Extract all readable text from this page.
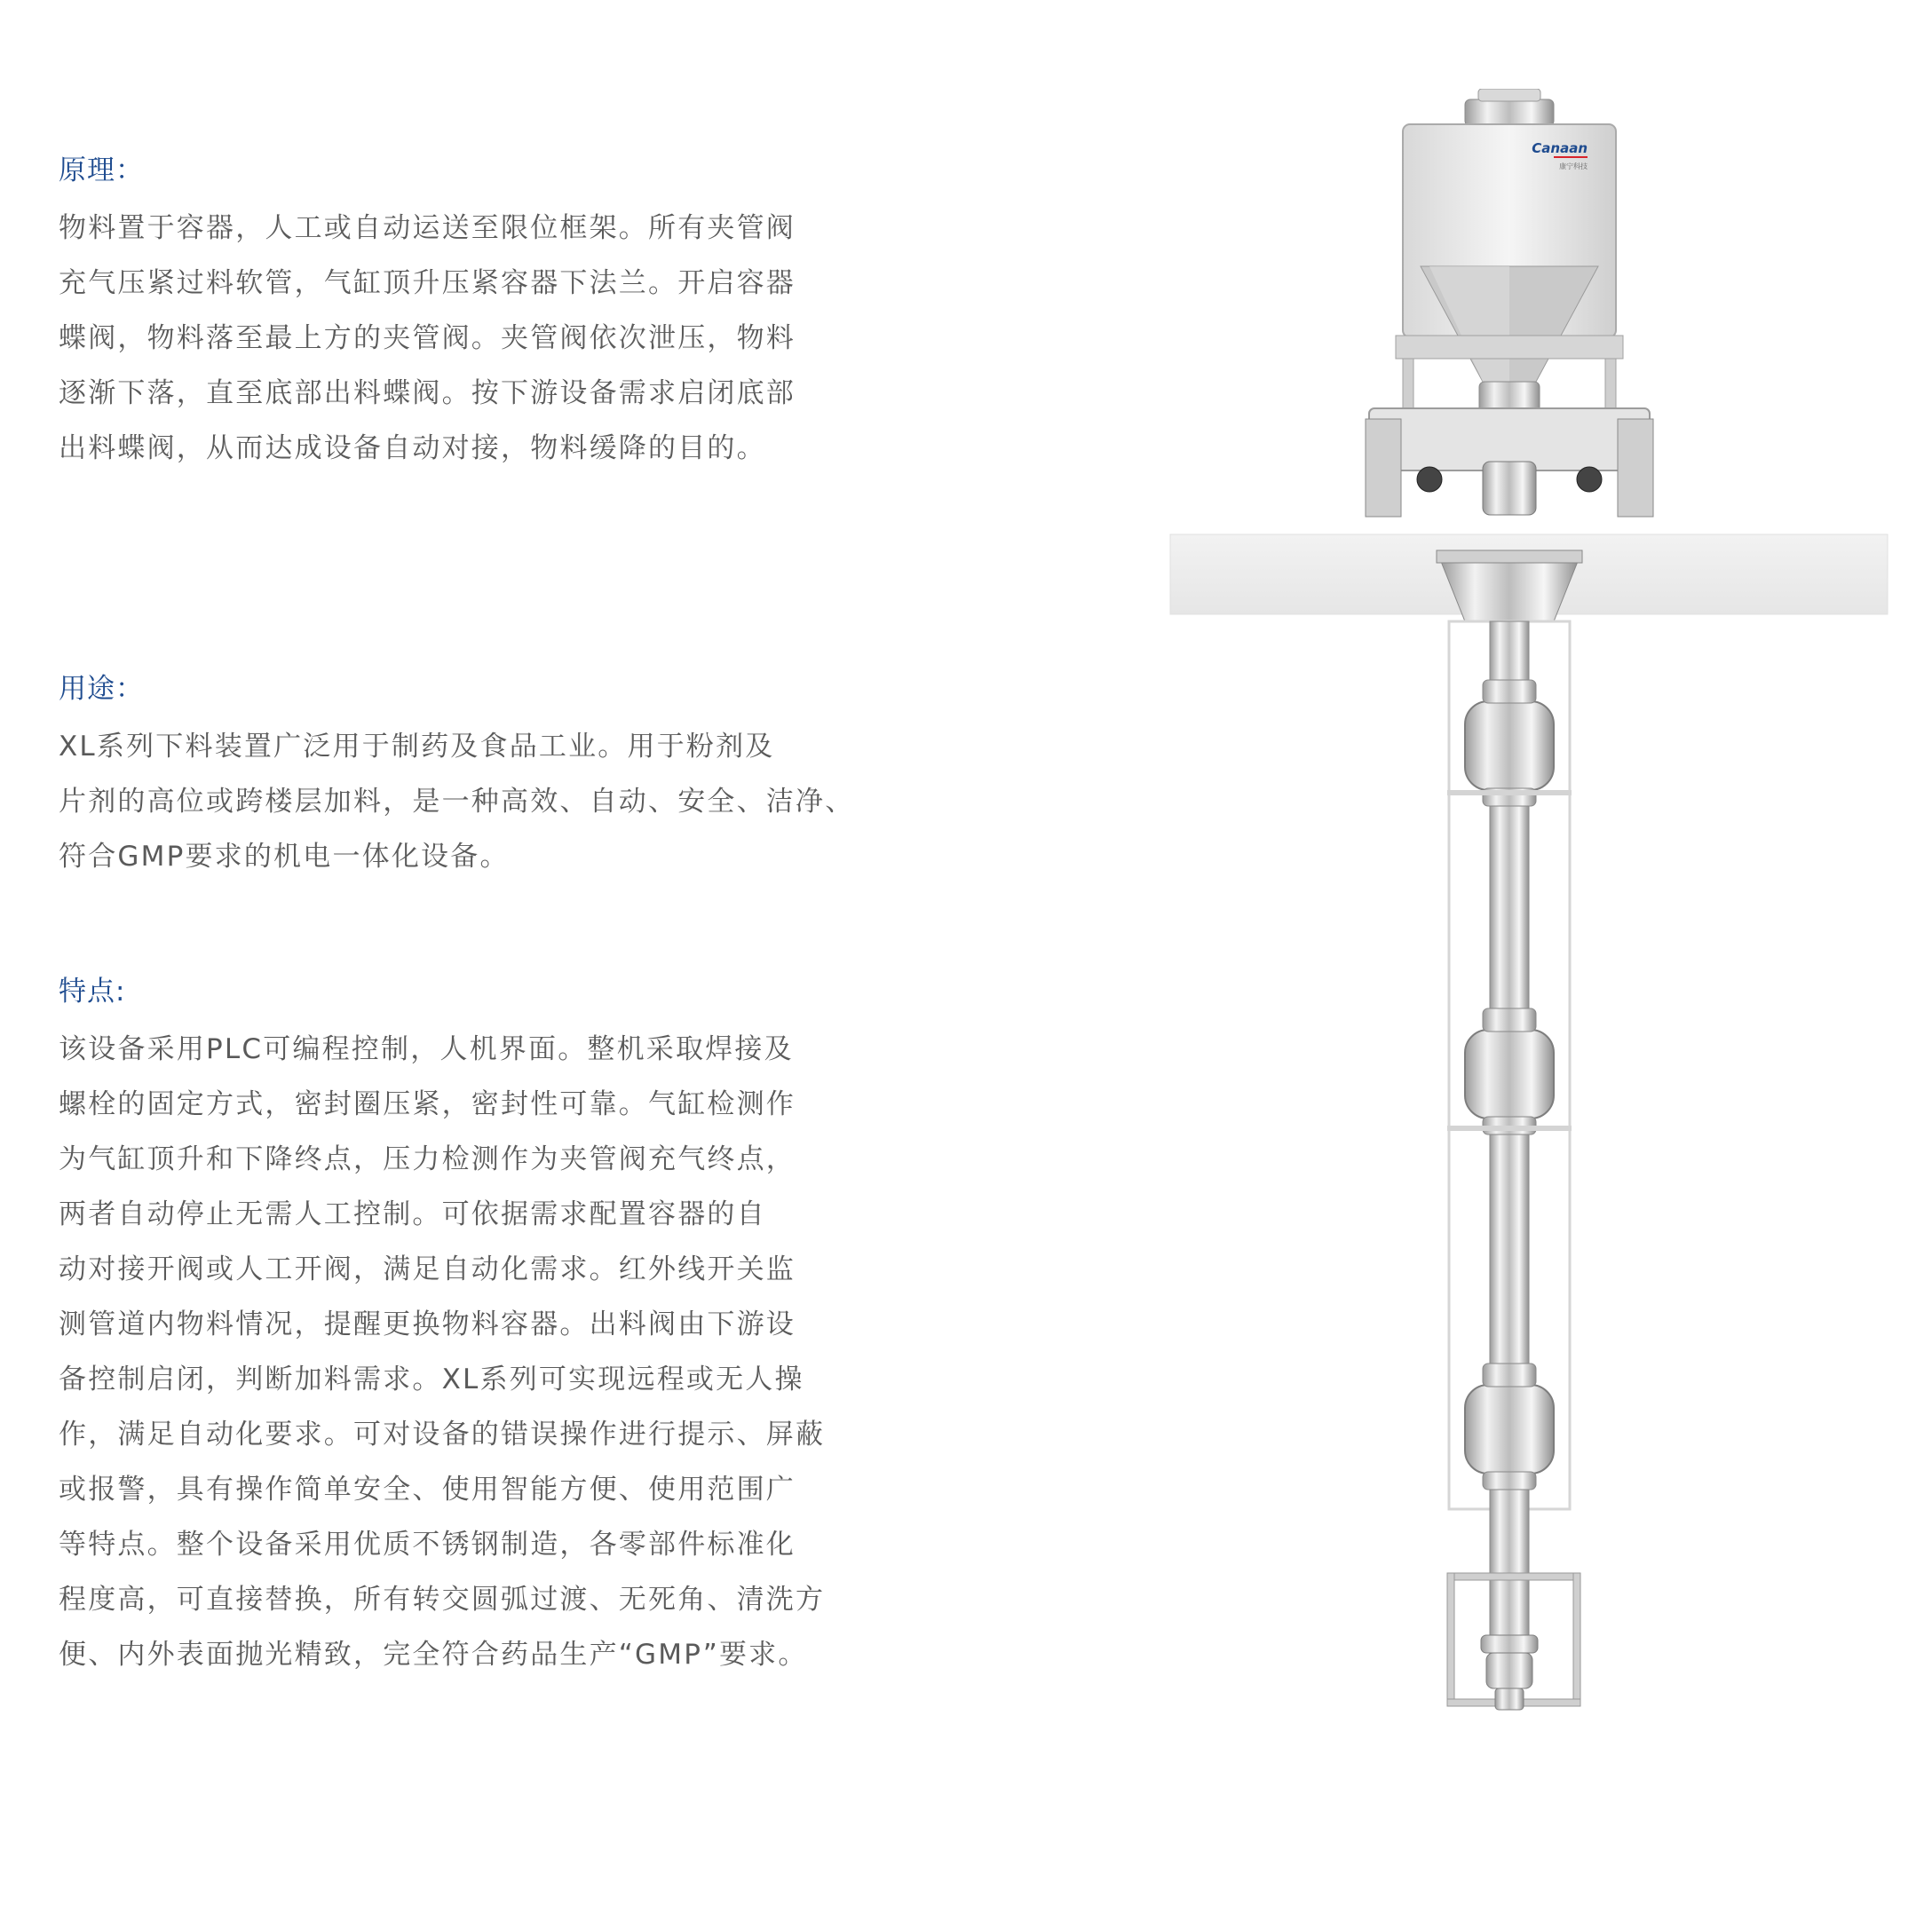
原理：
物料置于容器，人工或自动运送至限位框架。所有夹管阀
充气压紧过料软管，气缸顶升压紧容器下法兰。开启容器
蝶阀，物料落至最上方的夹管阀。夹管阀依次泄压，物料
逐渐下落，直至底部出料蝶阀。按下游设备需求启闭底部
出料蝶阀，从而达成设备自动对接，物料缓降的目的。
用途：
XL系列下料装置广泛用于制药及食品工业。用于粉剂及
片剂的高位或跨楼层加料，是一种高效、自动、安全、洁净、
符合GMP要求的机电一体化设备。
特点:
该设备采用PLC可编程控制，人机界面。整机采取焊接及
螺栓的固定方式，密封圈压紧，密封性可靠。气缸检测作
为气缸顶升和下降终点，压力检测作为夹管阀充气终点，
两者自动停止无需人工控制。可依据需求配置容器的自
动对接开阀或人工开阀，满足自动化需求。红外线开关监
测管道内物料情况，提醒更换物料容器。出料阀由下游设
备控制启闭，判断加料需求。XL系列可实现远程或无人操
作，满足自动化要求。可对设备的错误操作进行提示、屏蔽
或报警，具有操作简单安全、使用智能方便、使用范围广
等特点。整个设备采用优质不锈钢制造，各零部件标准化
程度高，可直接替换，所有转交圆弧过渡、无死角、清洗方
便、内外表面抛光精致，完全符合药品生产“GMP”要求。
Canaan
康宁科技
